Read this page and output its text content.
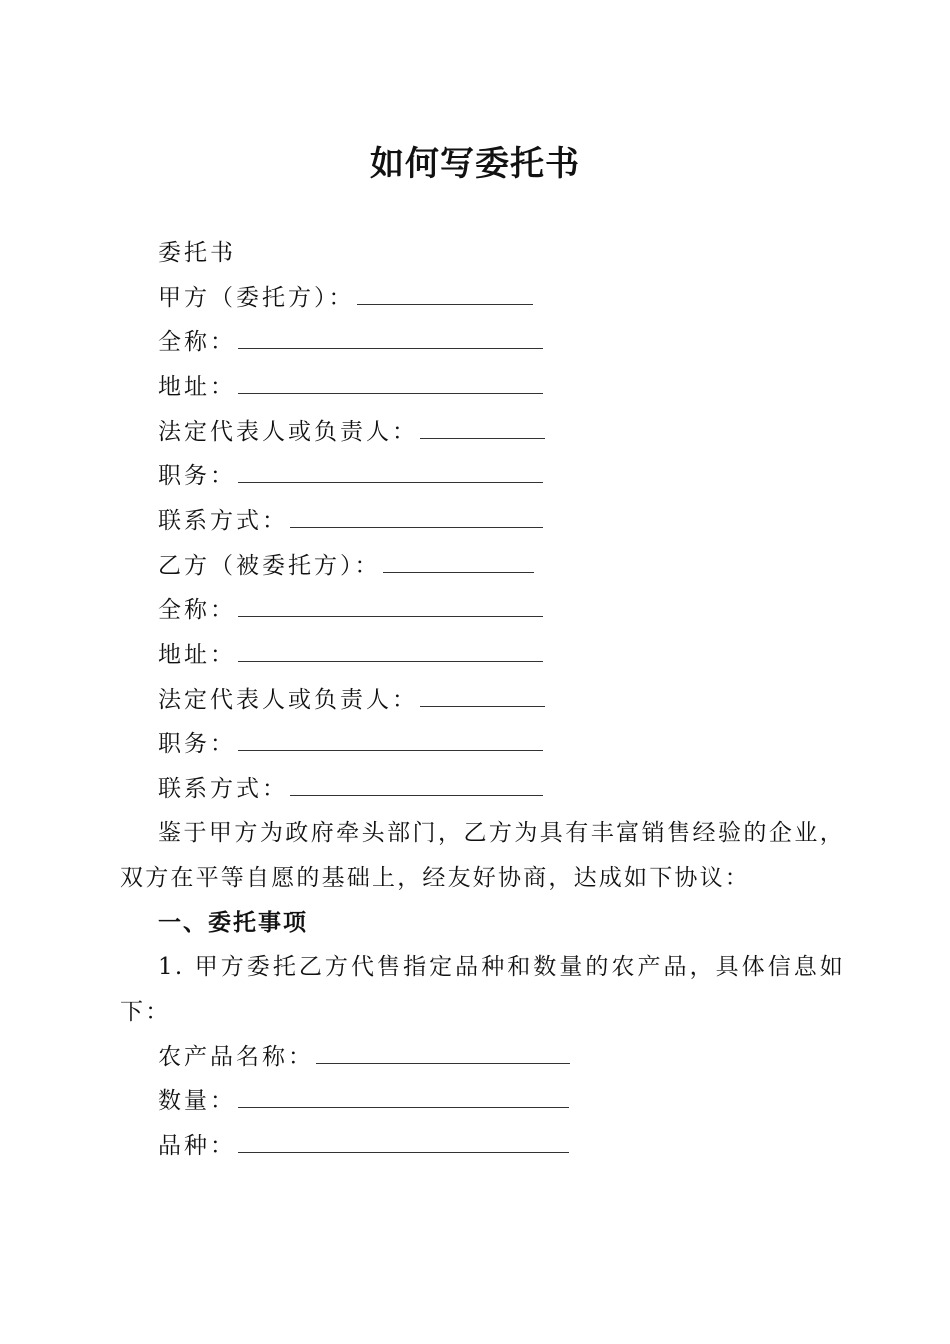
如何写委托书
委托书
甲方（委托方）：
全称：
地址：
法定代表人或负责人：
职务：
联系方式：
乙方（被委托方）：
全称：
地址：
法定代表人或负责人：
职务：
联系方式：
鉴于甲方为政府牵头部门，乙方为具有丰富销售经验的企业，双方在平等自愿的基础上，经友好协商，达成如下协议：
一、委托事项
1. 甲方委托乙方代售指定品种和数量的农产品，具体信息如下：
农产品名称：
数量：
品种：
